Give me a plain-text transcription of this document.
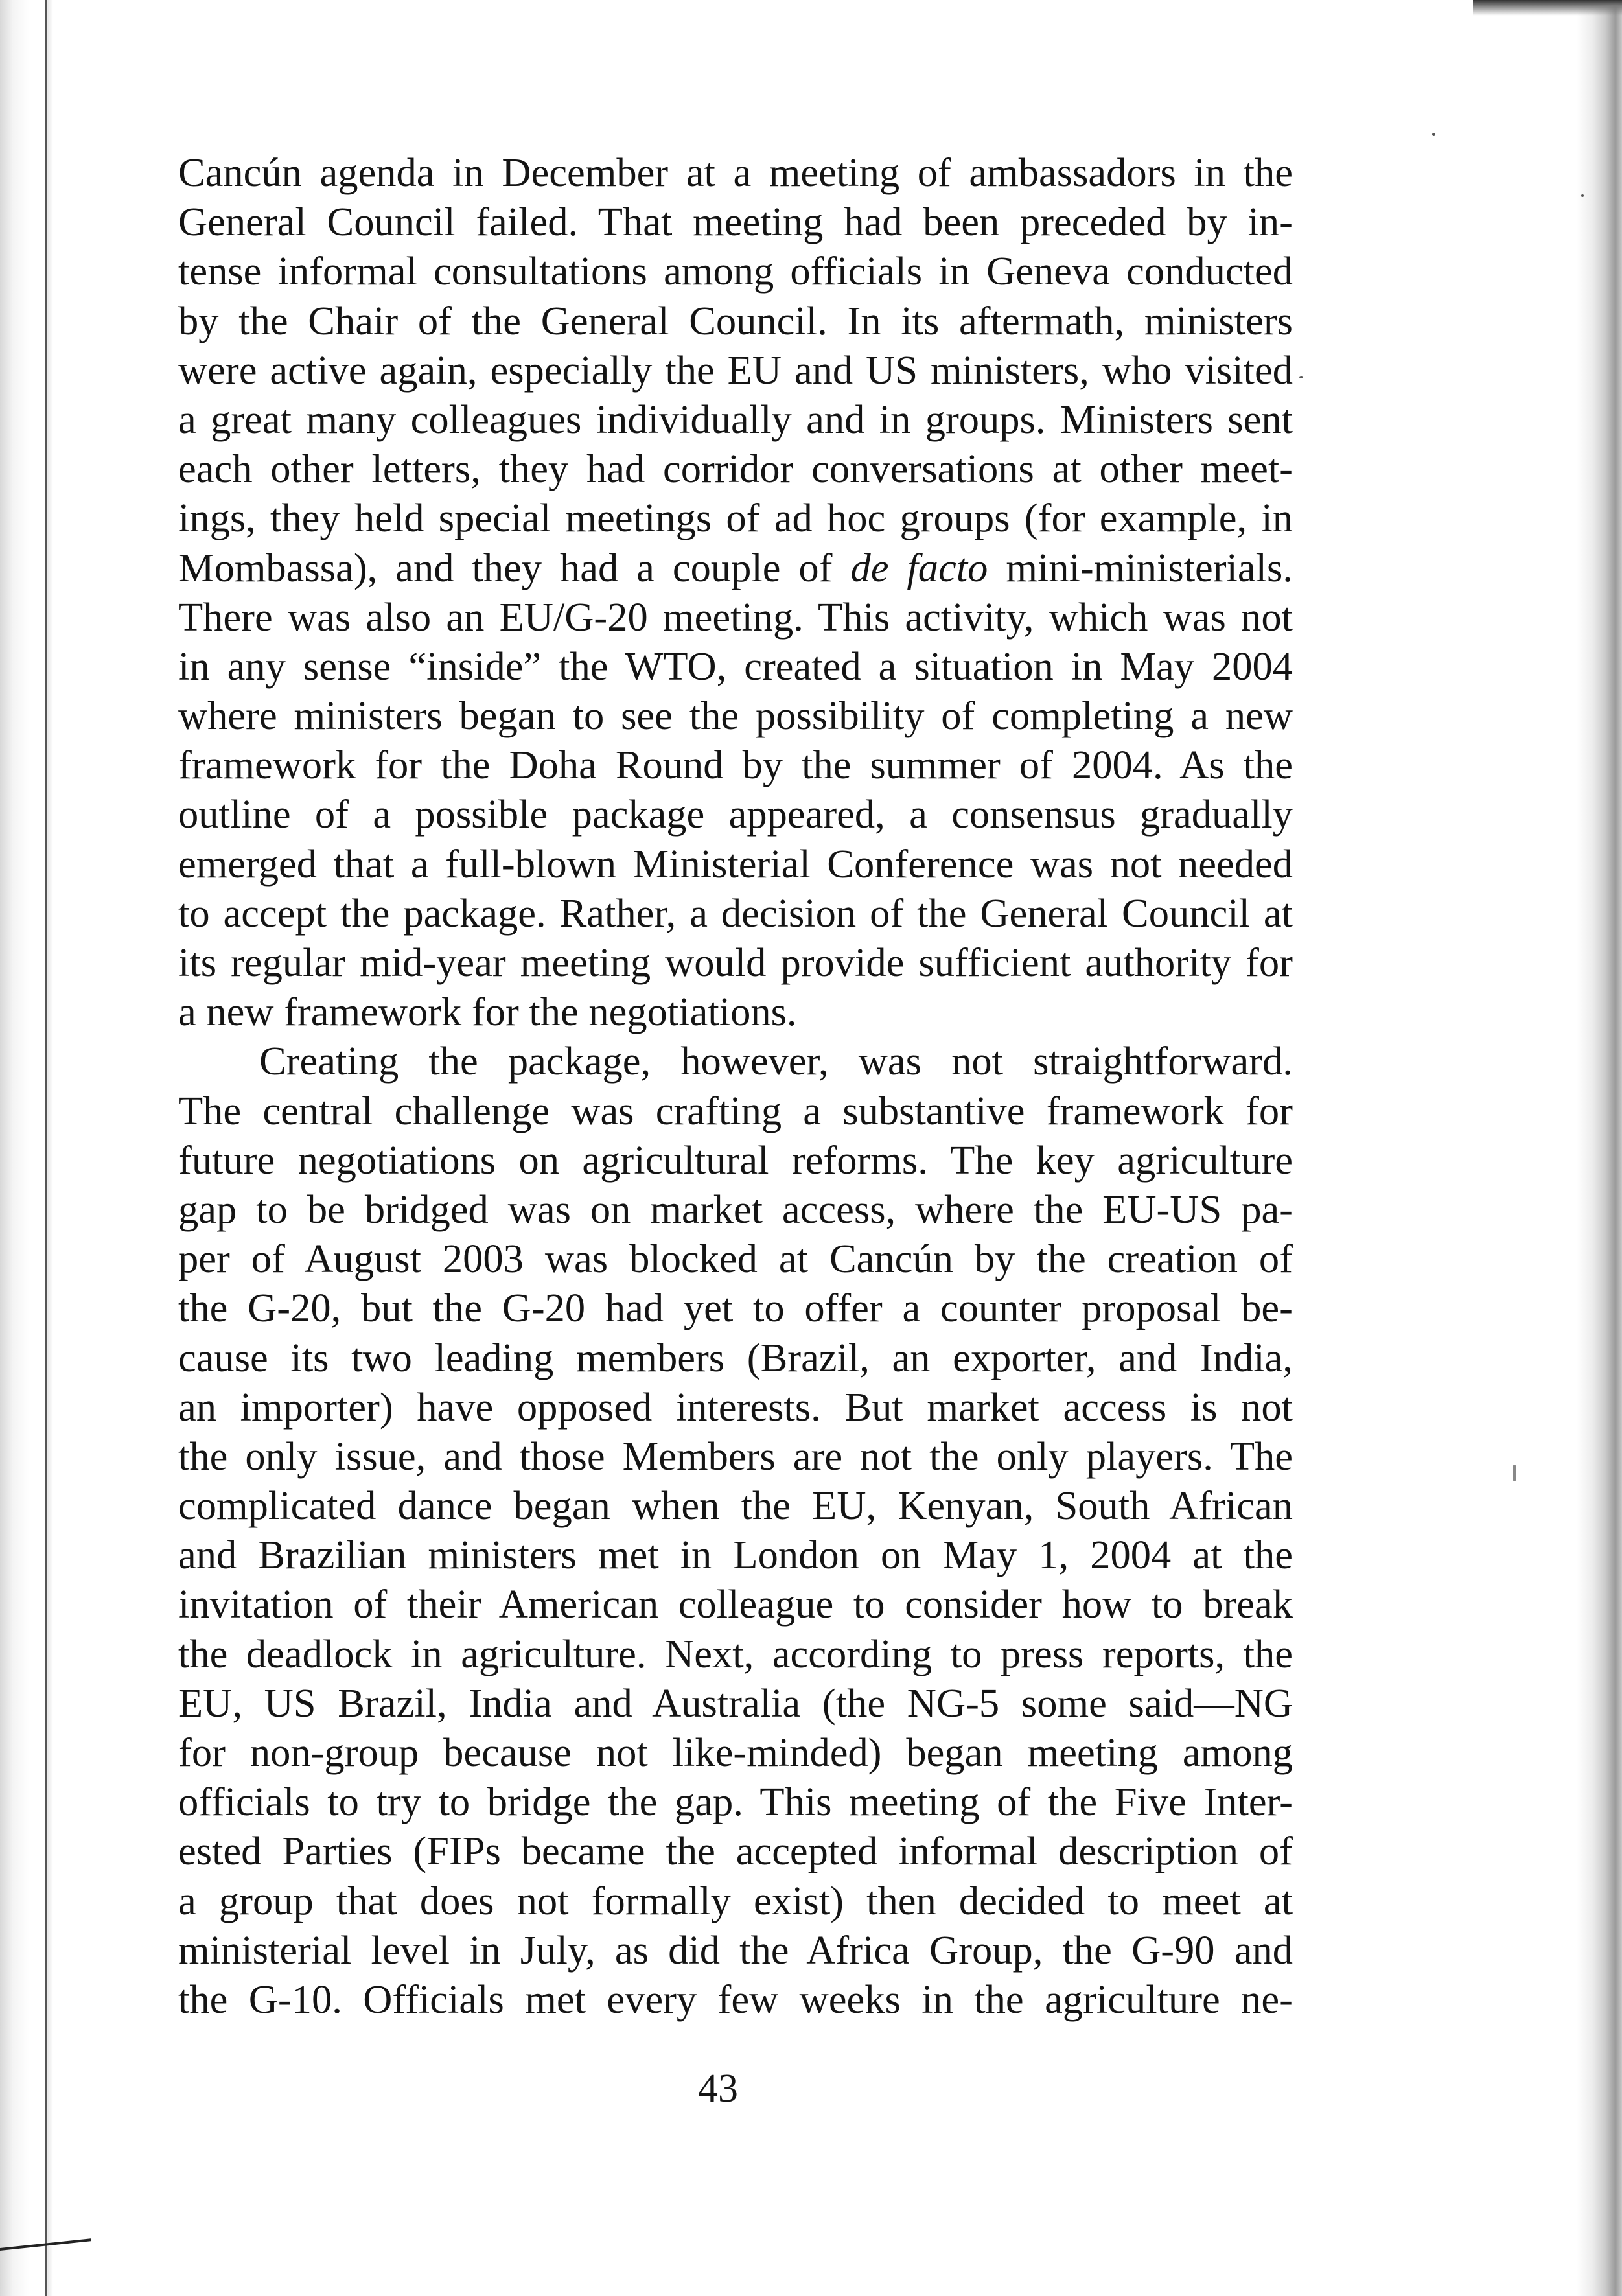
Cancún agenda in December at a meeting of ambassadors in the
General Council failed. That meeting had been preceded by in-
tense informal consultations among officials in Geneva conducted
by the Chair of the General Council. In its aftermath, ministers
were active again, especially the EU and US ministers, who visited
a great many colleagues individually and in groups. Ministers sent
each other letters, they had corridor conversations at other meet-
ings, they held special meetings of ad hoc groups (for example, in
Mombassa), and they had a couple of de facto mini-ministerials.
There was also an EU/G-20 meeting. This activity, which was not
in any sense “inside” the WTO, created a situation in May 2004
where ministers began to see the possibility of completing a new
framework for the Doha Round by the summer of 2004. As the
outline of a possible package appeared, a consensus gradually
emerged that a full-blown Ministerial Conference was not needed
to accept the package. Rather, a decision of the General Council at
its regular mid-year meeting would provide sufficient authority for
a new framework for the negotiations.
Creating the package, however, was not straightforward.
The central challenge was crafting a substantive framework for
future negotiations on agricultural reforms. The key agriculture
gap to be bridged was on market access, where the EU-US pa-
per of August 2003 was blocked at Cancún by the creation of
the G-20, but the G-20 had yet to offer a counter proposal be-
cause its two leading members (Brazil, an exporter, and India,
an importer) have opposed interests. But market access is not
the only issue, and those Members are not the only players. The
complicated dance began when the EU, Kenyan, South African
and Brazilian ministers met in London on May 1, 2004 at the
invitation of their American colleague to consider how to break
the deadlock in agriculture. Next, according to press reports, the
EU, US Brazil, India and Australia (the NG-5 some said—NG
for non-group because not like-minded) began meeting among
officials to try to bridge the gap. This meeting of the Five Inter-
ested Parties (FIPs became the accepted informal description of
a group that does not formally exist) then decided to meet at
ministerial level in July, as did the Africa Group, the G-90 and
the G-10. Officials met every few weeks in the agriculture ne-
43
